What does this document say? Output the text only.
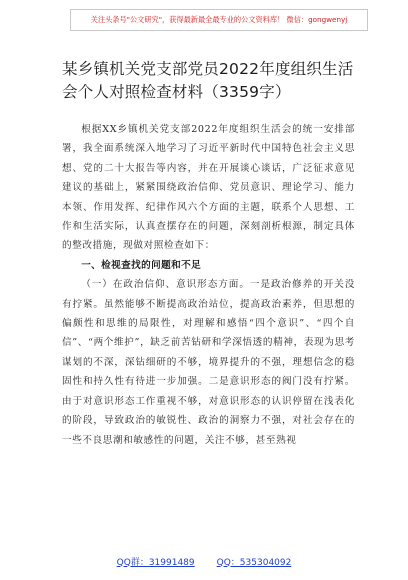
关注头条号"公文研究"，获得最新最全最专业的公文资料库！ 微信：gongwenyj
某乡镇机关党支部党员2022年度组织生活会个人对照检查材料（3359字）

根据XX乡镇机关党支部2022年度组织生活会的统一安排部署，我全面系统深入地学习了习近平新时代中国特色社会主义思想、党的二十大报告等内容，并在开展谈心谈话，广泛征求意见建议的基础上，紧紧围绕政治信仰、党员意识、理论学习、能力本领、作用发挥、纪律作风六个方面的主题，联系个人思想、工作和生活实际，认真查摆存在的问题，深刻剖析根源，制定具体的整改措施，现做对照检查如下：

一、检视查找的问题和不足

（一）在政治信仰、意识形态方面。一是政治修养的开关没有拧紧。虽然能够不断提高政治站位，提高政治素养，但思想的偏颇性和思维的局限性，对理解和感悟“四个意识”、“四个自信”、“两个维护”，缺乏前苦钻研和学深悟透的精神，表现为思考谋划的不深，深钻细研的不够，境界提升的不强，理想信念的稳固性和持久性有待进一步加强。二是意识形态的阀门没有拧紧。由于对意识形态工作重视不够，对意识形态的认识停留在浅表化的阶段，导致政治的敏锐性、政治的洞察力不强，对社会存在的一些不良思潮和敏感性的问题，关注不够，甚至熟视

QQ群：31991489 QQ：535304092
